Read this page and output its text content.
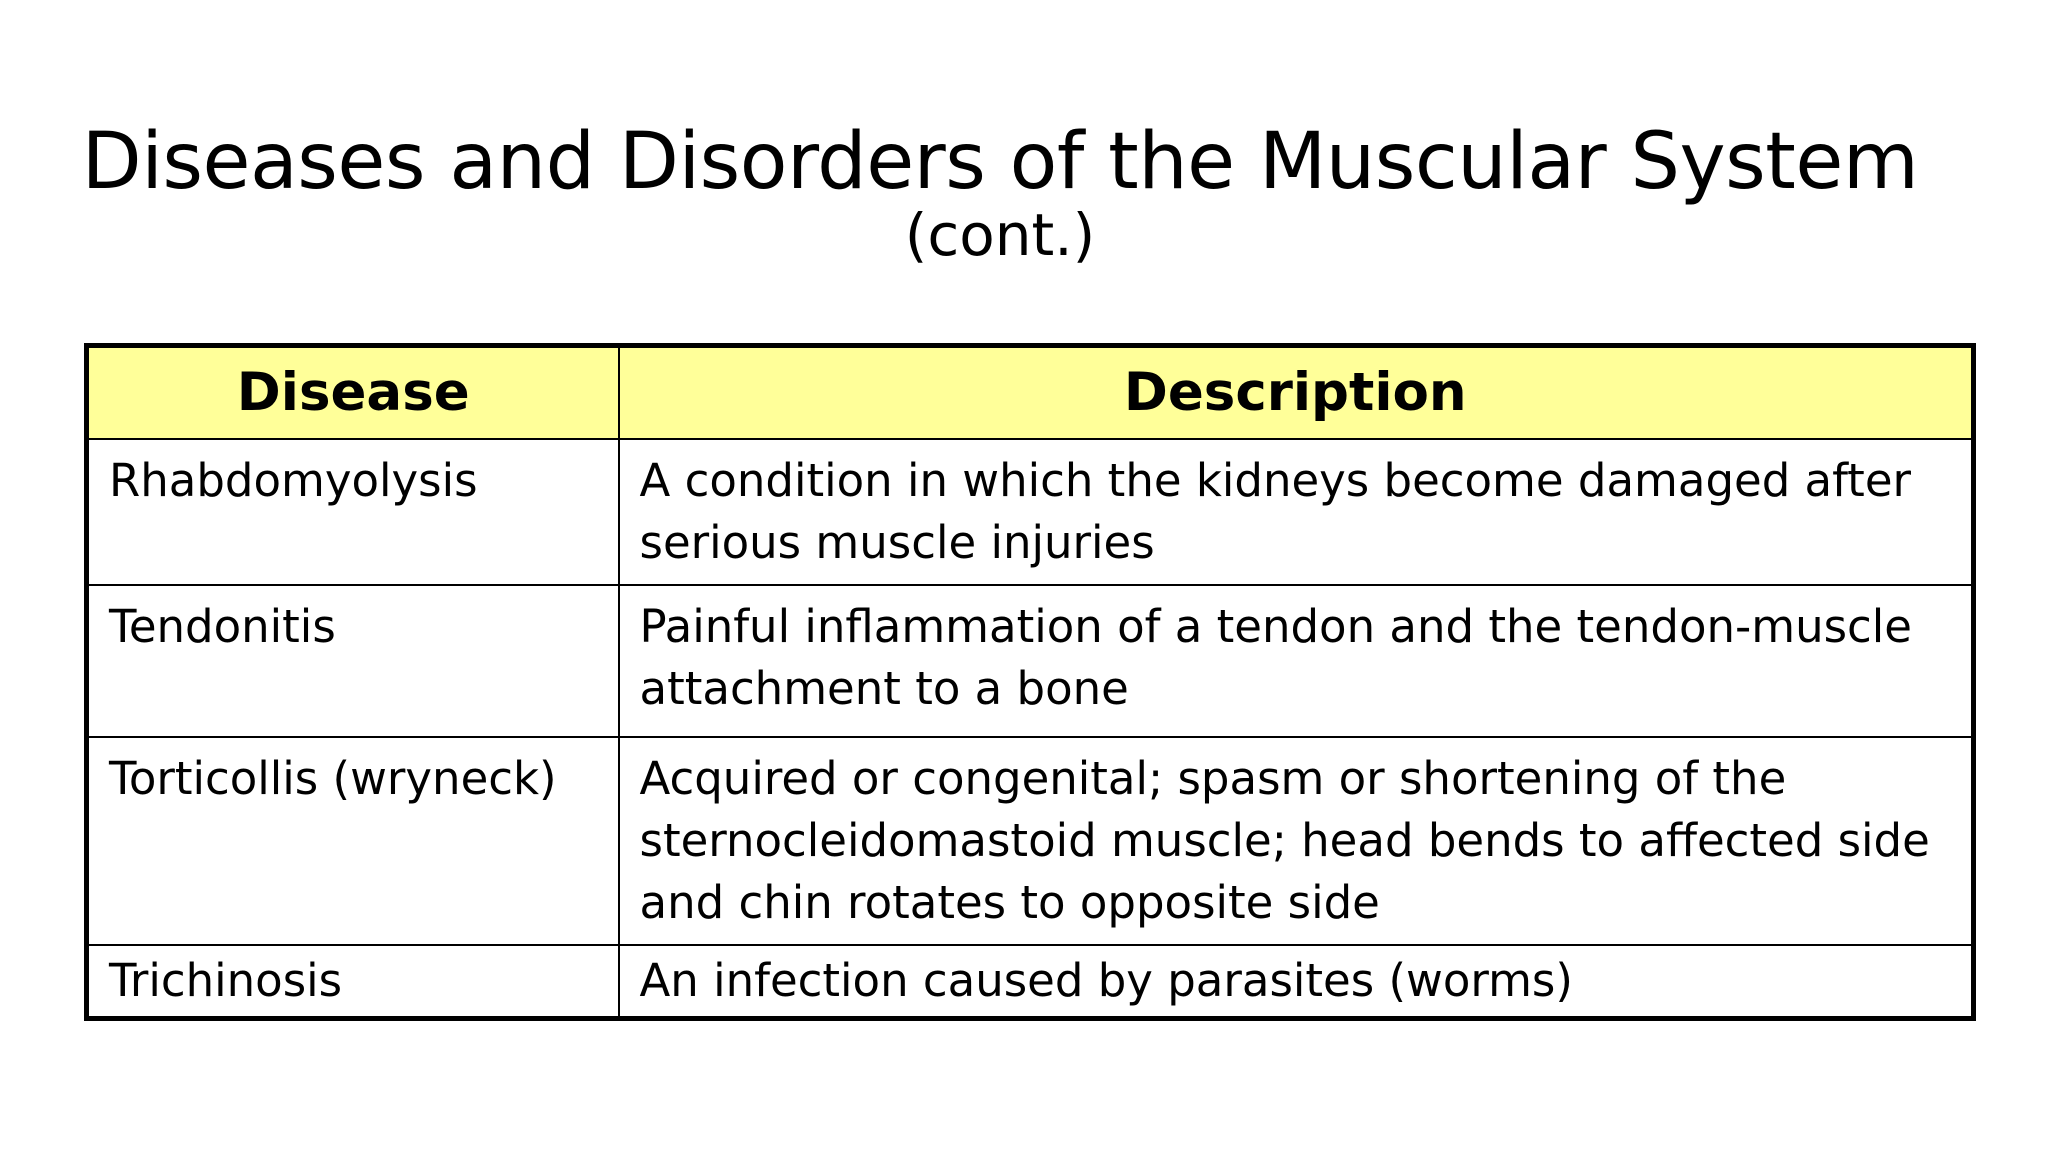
Diseases and Disorders of the Muscular System

(cont.)

Disease	Description
Rhabdomyolysis	A condition in which the kidneys become damaged after serious muscle injuries
Tendonitis	Painful inflammation of a tendon and the tendon-muscle attachment to a bone
Torticollis (wryneck)	Acquired or congenital; spasm or shortening of the sternocleidomastoid muscle; head bends to affected side and chin rotates to opposite side
Trichinosis	An infection caused by parasites (worms)
